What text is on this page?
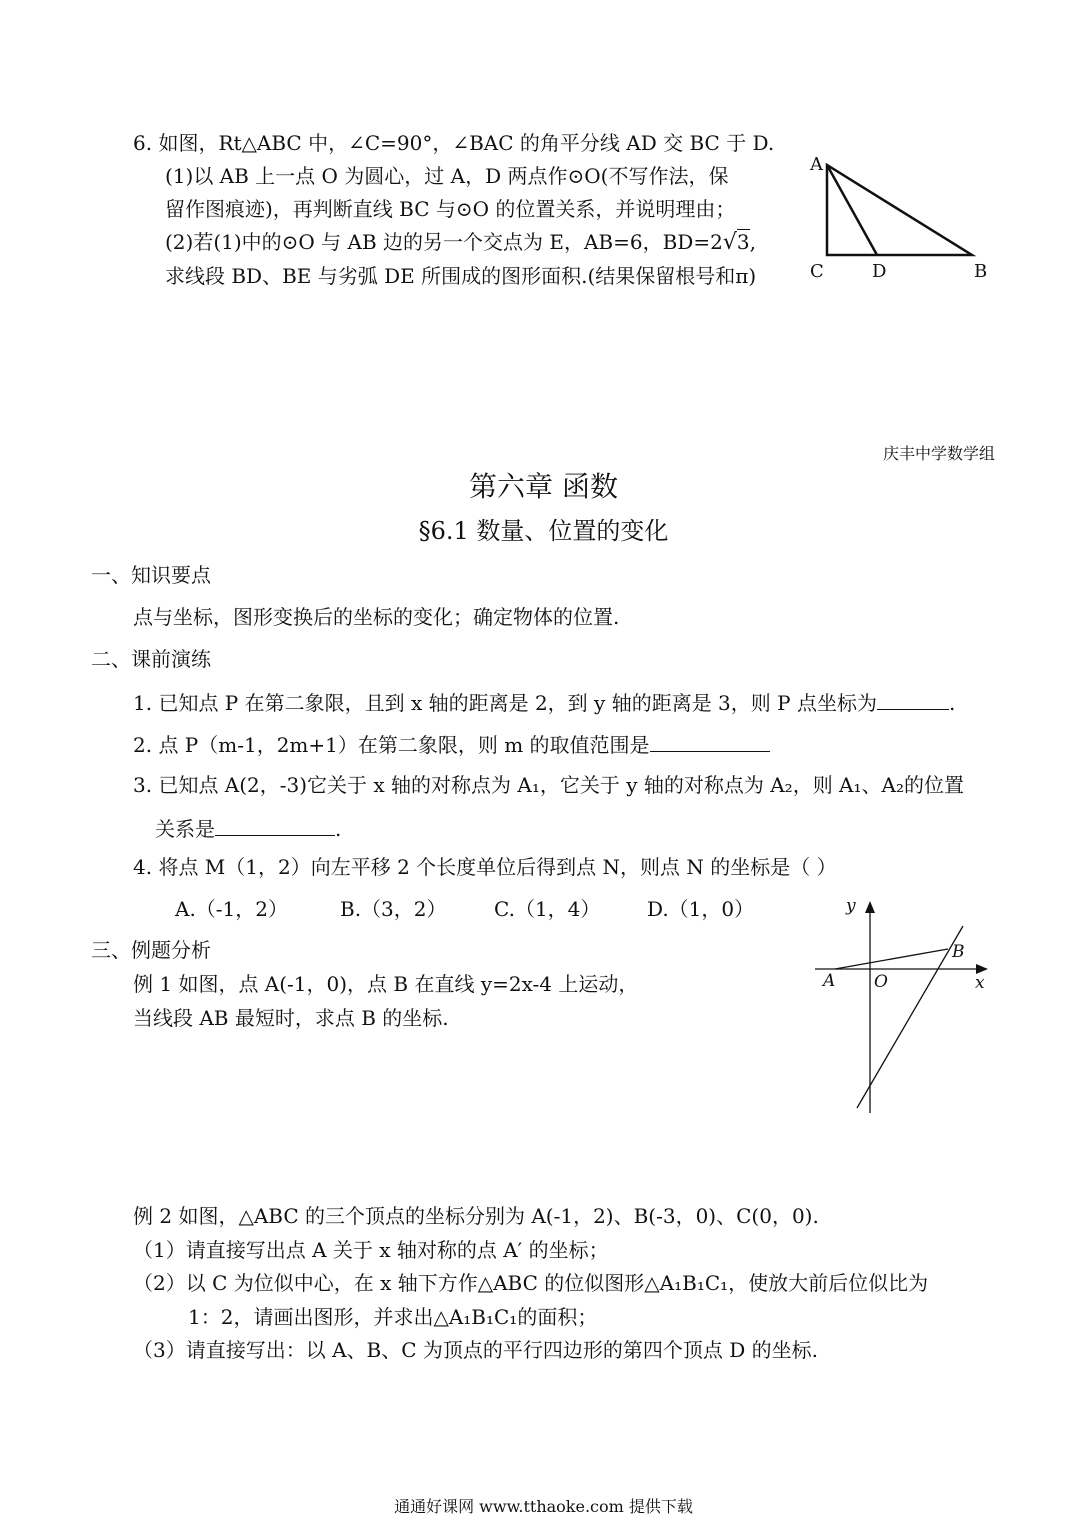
6. 如图，Rt△ABC 中，∠C=90°，∠BAC 的角平分线 AD 交 BC 于 D.
(1)以 AB 上一点 O 为圆心，过 A，D 两点作⊙O(不写作法，保
留作图痕迹)，再判断直线 BC 与⊙O 的位置关系，并说明理由；
(2)若(1)中的⊙O 与 AB 边的另一个交点为 E，AB=6，BD=2√3,
求线段 BD、BE 与劣弧 DE 所围成的图形面积.(结果保留根号和π)
A
C	D	B
庆丰中学数学组
第六章 函数
§6.1 数量、位置的变化
一、知识要点
点与坐标，图形变换后的坐标的变化；确定物体的位置.
二、课前演练
1. 已知点 P 在第二象限，且到 x 轴的距离是 2，到 y 轴的距离是 3，则 P 点坐标为	.
2. 点 P（m-1，2m+1）在第二象限，则 m 的取值范围是
3. 已知点 A(2，-3)它关于 x 轴的对称点为 A₁，它关于 y 轴的对称点为 A₂，则 A₁、A₂的位置
关系是	.
4. 将点 M（1，2）向左平移 2 个长度单位后得到点 N，则点 N 的坐标是（ ）
A.（-1，2）	B.（3，2） C.（1，4） D.（1，0）
三、例题分析
例 1 如图，点 A(-1，0)，点 B 在直线 y=2x-4 上运动，
当线段 AB 最短时，求点 B 的坐标.
y
x
A O
B
例 2 如图，△ABC 的三个顶点的坐标分别为 A(-1，2)、B(-3，0)、C(0，0).
（1）请直接写出点 A 关于 x 轴对称的点 A′ 的坐标；
（2）以 C 为位似中心，在 x 轴下方作△ABC 的位似图形△A₁B₁C₁，使放大前后位似比为
1：2，请画出图形，并求出△A₁B₁C₁的面积；
（3）请直接写出：以 A、B、C 为顶点的平行四边形的第四个顶点 D 的坐标.
通通好课网 www.tthaoke.com 提供下载
